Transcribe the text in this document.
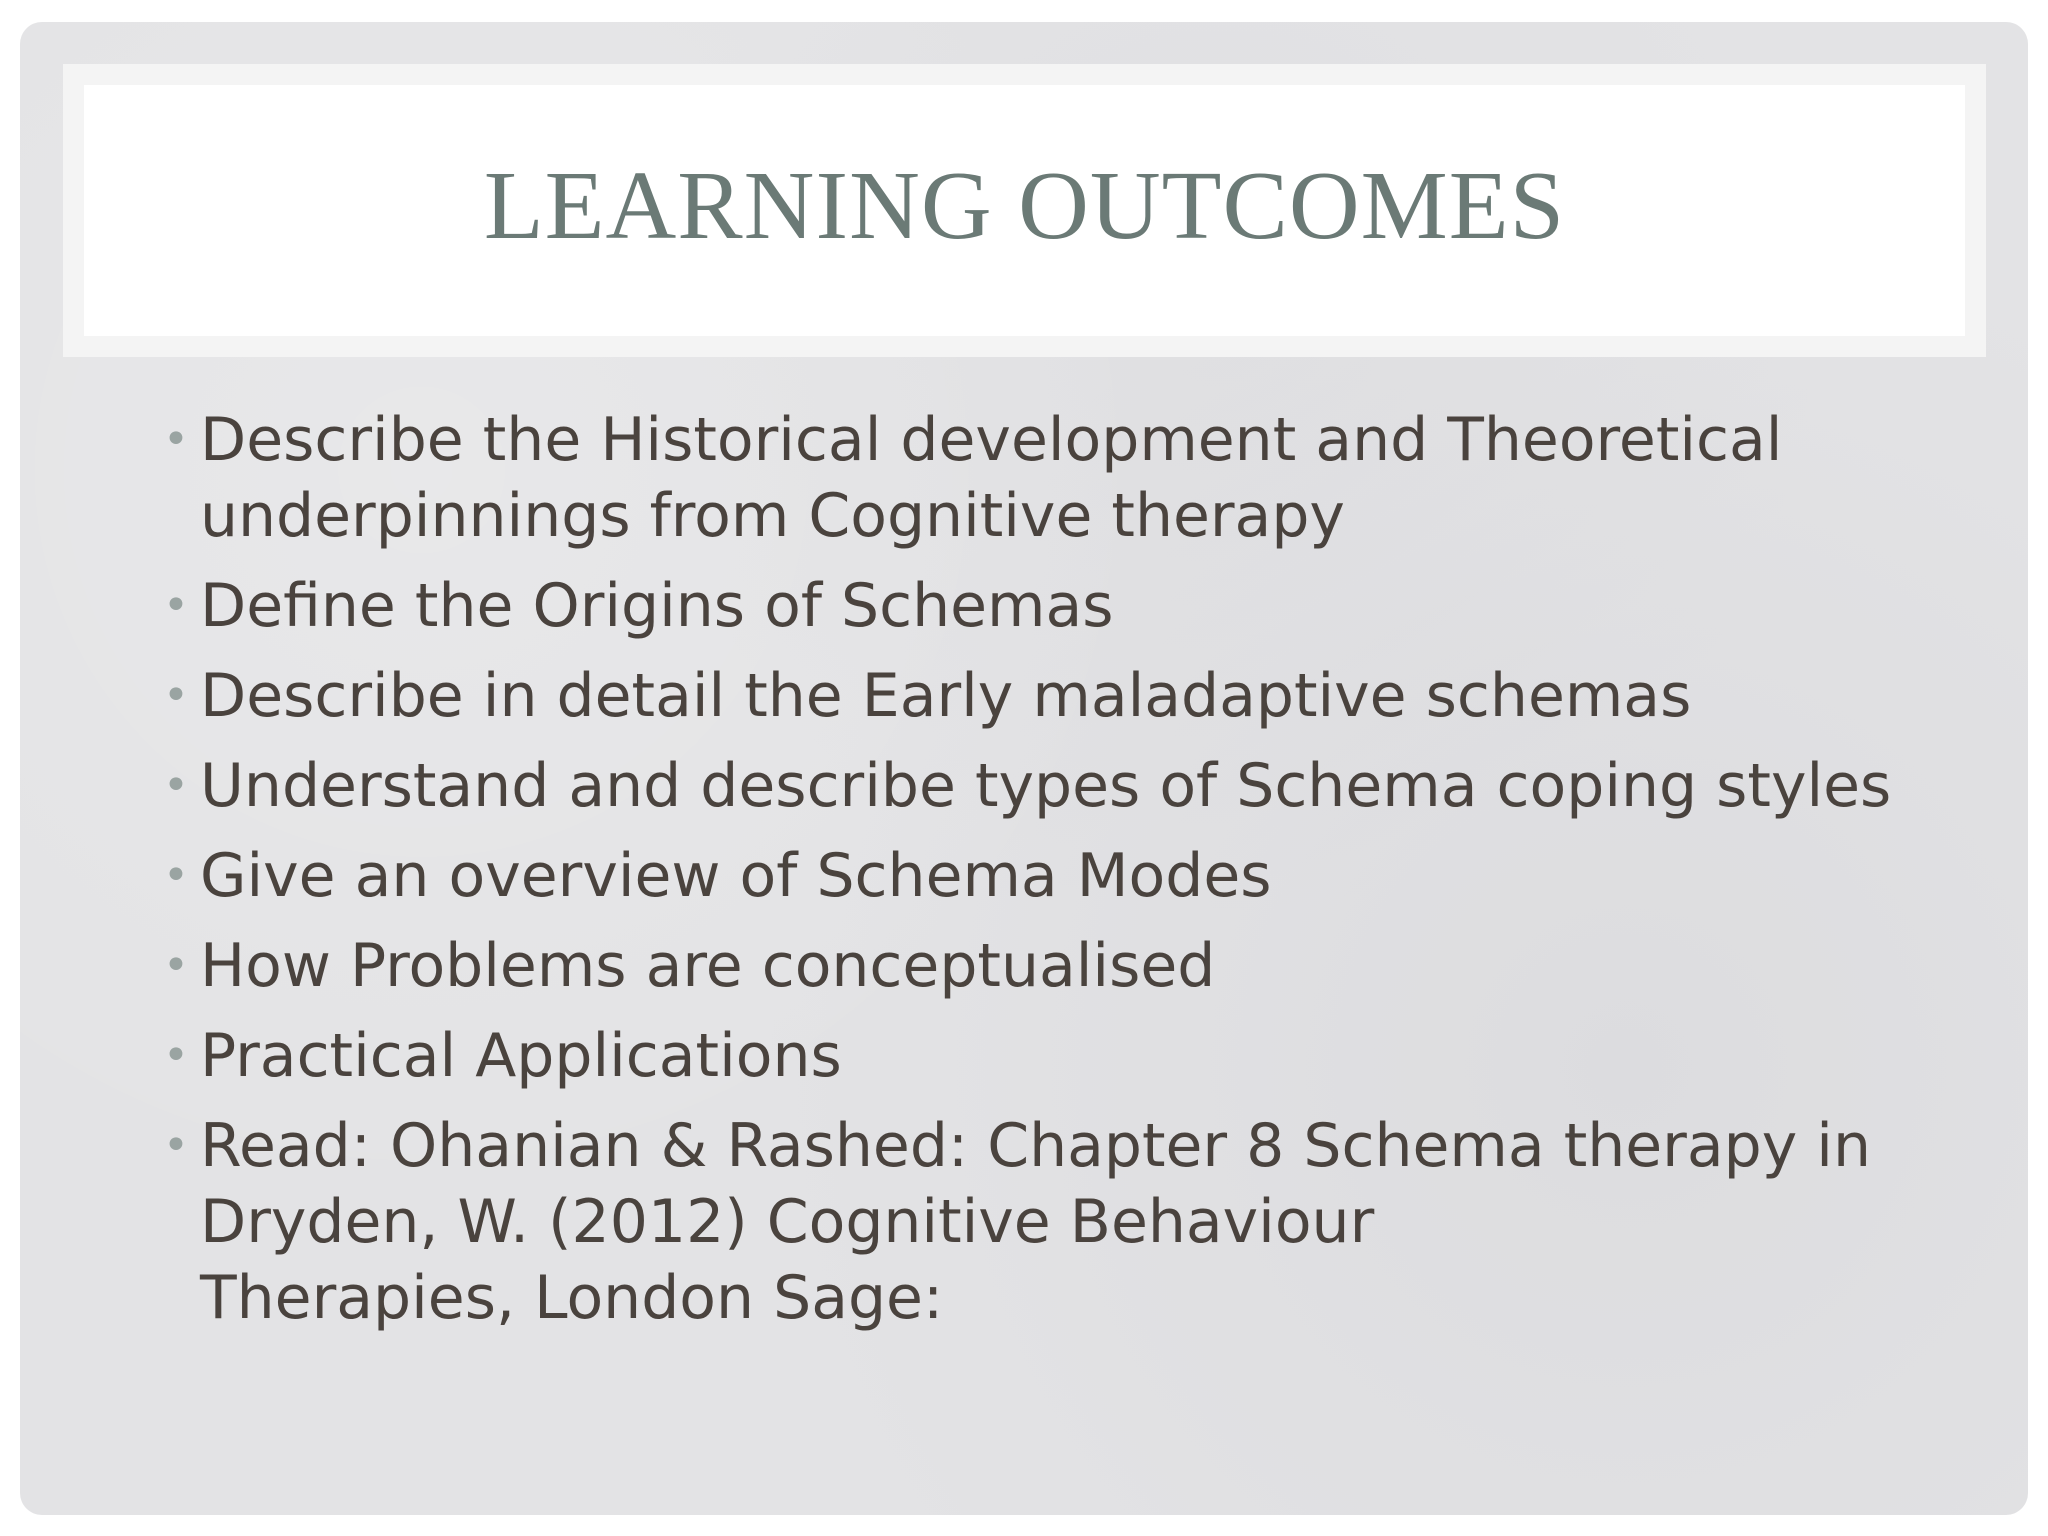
LEARNING OUTCOMES
• Describe the Historical development and Theoretical
underpinnings from Cognitive therapy
• Define the Origins of Schemas
• Describe in detail the Early maladaptive schemas
• Understand and describe types of Schema coping styles
• Give an overview of Schema Modes
• How Problems are conceptualised
• Practical Applications
• Read: Ohanian & Rashed: Chapter 8 Schema therapy in
Dryden, W. (2012) Cognitive Behaviour
Therapies, London Sage:
